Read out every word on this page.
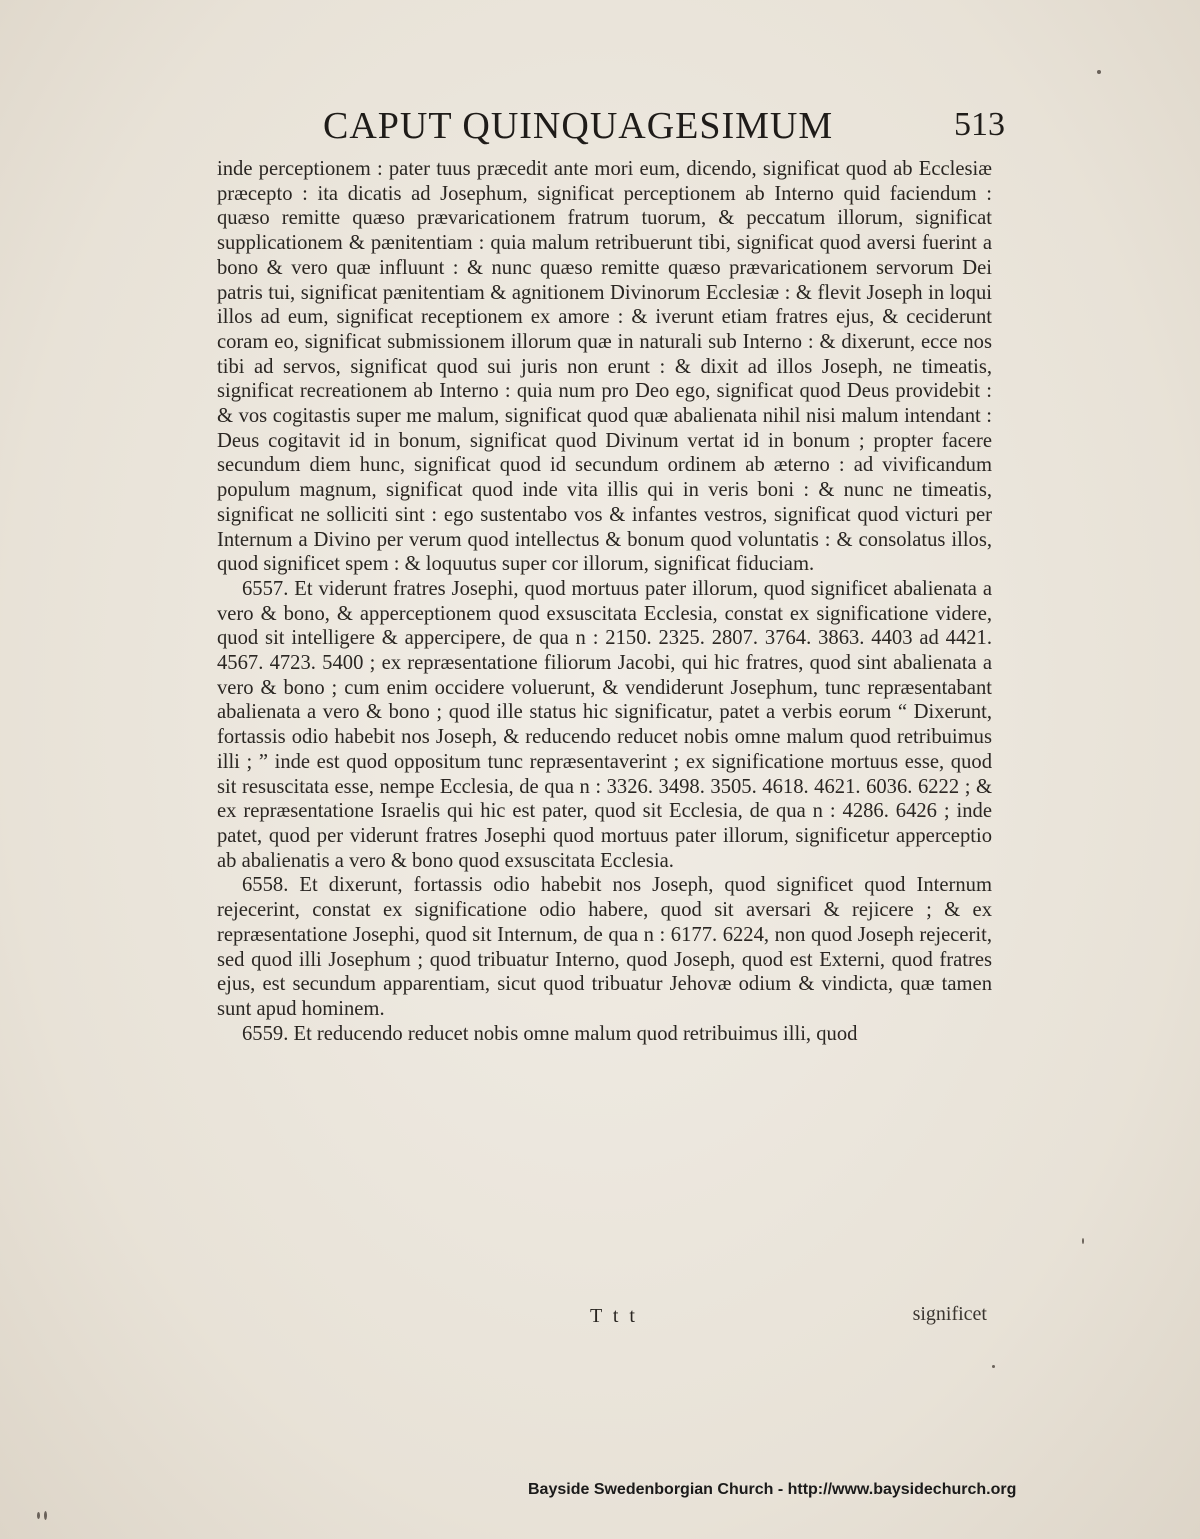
CAPUT QUINQUAGESIMUM	513

inde perceptionem : pater tuus præcedit ante mori eum, dicendo, significat quod ab Ecclesiæ præcepto : ita dicatis ad Josephum, significat perceptionem ab Interno quid faciendum : quæso remitte quæso prævaricationem fratrum tuorum, & peccatum illorum, significat supplicationem & pænitentiam : quia malum retribuerunt tibi, significat quod aversi fuerint a bono & vero quæ influunt : & nunc quæso remitte quæso prævaricationem servorum Dei patris tui, significat pænitentiam & agnitionem Divinorum Ecclesiæ : & flevit Joseph in loqui illos ad eum, significat receptionem ex amore : & iverunt etiam fratres ejus, & ceciderunt coram eo, significat submissionem illorum quæ in naturali sub Interno : & dixerunt, ecce nos tibi ad servos, significat quod sui juris non erunt : & dixit ad illos Joseph, ne timeatis, significat recreationem ab Interno : quia num pro Deo ego, significat quod Deus providebit : & vos cogitastis super me malum, significat quod quæ abalienata nihil nisi malum intendant : Deus cogitavit id in bonum, significat quod Divinum vertat id in bonum ; propter facere secundum diem hunc, significat quod id secundum ordinem ab æterno : ad vivificandum populum magnum, significat quod inde vita illis qui in veris boni : & nunc ne timeatis, significat ne solliciti sint : ego sustentabo vos & infantes vestros, significat quod victuri per Internum a Divino per verum quod intellectus & bonum quod voluntatis : & consolatus illos, quod significet spem : & loquutus super cor illorum, significat fiduciam.

6557. Et viderunt fratres Josephi, quod mortuus pater illorum, quod significet abalienata a vero & bono, & apperceptionem quod exsuscitata Ecclesia, constat ex significatione videre, quod sit intelligere & appercipere, de qua n : 2150. 2325. 2807. 3764. 3863. 4403 ad 4421. 4567. 4723. 5400 ; ex repræsentatione filiorum Jacobi, qui hic fratres, quod sint abalienata a vero & bono ; cum enim occidere voluerunt, & vendiderunt Josephum, tunc repræsentabant abalienata a vero & bono ; quod ille status hic significatur, patet a verbis eorum “ Dixerunt, fortassis odio habebit nos Joseph, & reducendo reducet nobis omne malum quod retribuimus illi ; ” inde est quod oppositum tunc repræsentaverint ; ex significatione mortuus esse, quod sit resuscitata esse, nempe Ecclesia, de qua n : 3326. 3498. 3505. 4618. 4621. 6036. 6222 ; & ex repræsentatione Israelis qui hic est pater, quod sit Ecclesia, de qua n : 4286. 6426 ; inde patet, quod per viderunt fratres Josephi quod mortuus pater illorum, significetur apperceptio ab abalienatis a vero & bono quod exsuscitata Ecclesia.

6558. Et dixerunt, fortassis odio habebit nos Joseph, quod significet quod Internum rejecerint, constat ex significatione odio habere, quod sit aversari & rejicere ; & ex repræsentatione Josephi, quod sit Internum, de qua n : 6177. 6224, non quod Joseph rejecerit, sed quod illi Josephum ; quod tribuatur Interno, quod Joseph, quod est Externi, quod fratres ejus, est secundum apparentiam, sicut quod tribuatur Jehovæ odium & vindicta, quæ tamen sunt apud hominem.

6559. Et reducendo reducet nobis omne malum quod retribuimus illi, quod

T t t	significet
Bayside Swedenborgian Church - http://www.baysidechurch.org
